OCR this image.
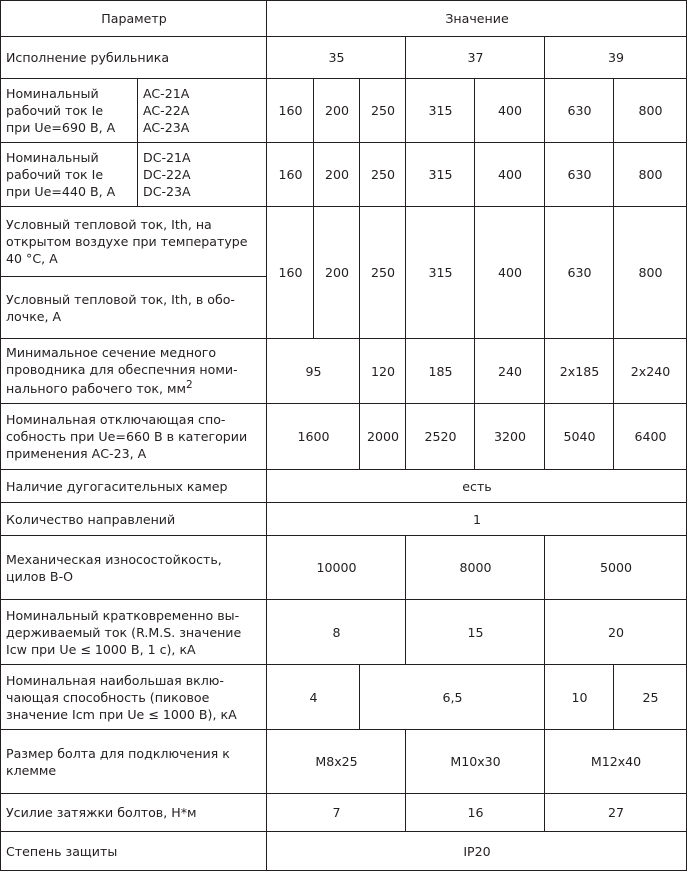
Параметр		Значение							
Исполнение рубильника		35			37		39		

Номинальный
рабочий ток Ie
при Ue=690 В, А	AC-21A
AC-22A
AC-23A	160	200	250	315	400	630	800	

Номинальный
рабочий ток Ie
при Ue=440 В, А	DC-21A
DC-22A
DC-23A	160	200	250	315	400	630	800	
Условный тепловой ток, Ith, на открытом воздухе при температуре 40 °С, А		160	200	250	315	400	630	800	
Условный тепловой ток, Ith, в обо-лочке, А									
Минимальное сечение медного проводника для обеспечния номи-нального рабочего ток, $мм^2$		95		120	185	240	2х185	2х240	
Номинальная отключающая спо-собность при Ue=660 В в категории применения АС-23, А		1600		2000	2520	3200	5040	6400	
Наличие дугогасительных камер		есть							
Количество направлений		1							
Механическая износостойкость, цилов В-О		10000			8000		5000		
Номинальный кратковременно вы-держиваемый ток (R.M.S. значение Icw при Ue ≤ 1000 В, 1 с), кА		8			15		20		
Номинальная наибольшая вклю-чающая способность (пиковое значение Icm при Ue ≤ 1000 В), кА		4		6,5			10	25	
Размер болта для подключения к клемме		М8х25			М10х30		М12х40		
Усилие затяжки болтов, Н*м		7			16		27		
Степень защиты		IP20							
